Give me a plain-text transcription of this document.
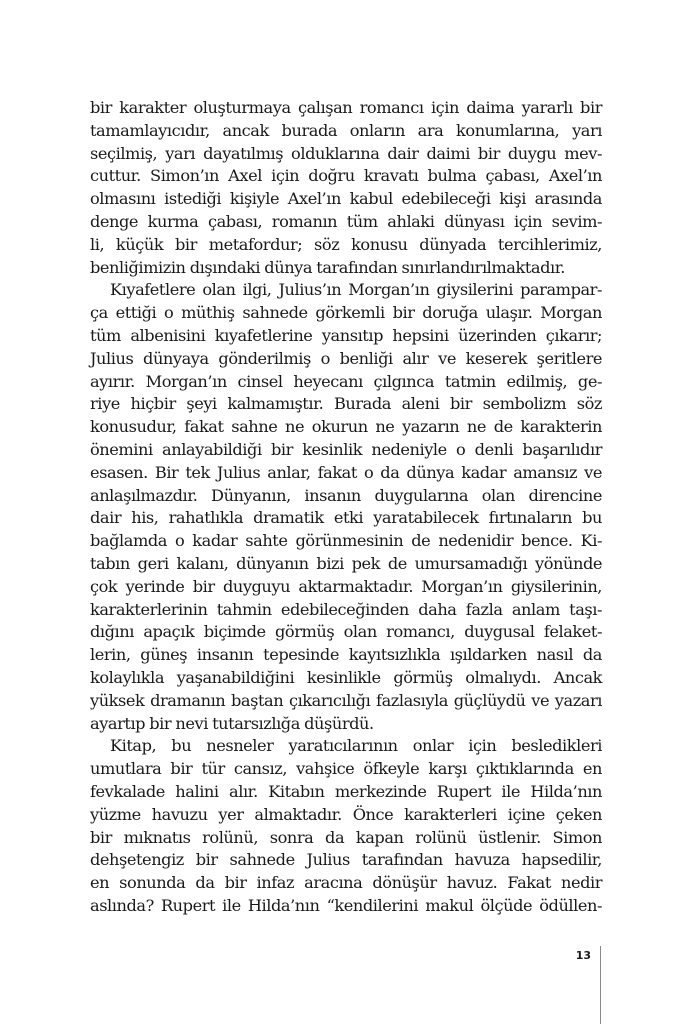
bir karakter oluşturmaya çalışan romancı için daima yararlı bir
tamamlayıcıdır, ancak burada onların ara konumlarına, yarı
seçilmiş, yarı dayatılmış olduklarına dair daimi bir duygu mev-
cuttur. Simon’ın Axel için doğru kravatı bulma çabası, Axel’ın
olmasını istediği kişiyle Axel’ın kabul edebileceği kişi arasında
denge kurma çabası, romanın tüm ahlaki dünyası için sevim-
li, küçük bir metafordur; söz konusu dünyada tercihlerimiz,
benliğimizin dışındaki dünya tarafından sınırlandırılmaktadır.
Kıyafetlere olan ilgi, Julius’ın Morgan’ın giysilerini parampar-
ça ettiği o müthiş sahnede görkemli bir doruğa ulaşır. Morgan
tüm albenisini kıyafetlerine yansıtıp hepsini üzerinden çıkarır;
Julius dünyaya gönderilmiş o benliği alır ve keserek şeritlere
ayırır. Morgan’ın cinsel heyecanı çılgınca tatmin edilmiş, ge-
riye hiçbir şeyi kalmamıştır. Burada aleni bir sembolizm söz
konusudur, fakat sahne ne okurun ne yazarın ne de karakterin
önemini anlayabildiği bir kesinlik nedeniyle o denli başarılıdır
esasen. Bir tek Julius anlar, fakat o da dünya kadar amansız ve
anlaşılmazdır. Dünyanın, insanın duygularına olan direncine
dair his, rahatlıkla dramatik etki yaratabilecek fırtınaların bu
bağlamda o kadar sahte görünmesinin de nedenidir bence. Ki-
tabın geri kalanı, dünyanın bizi pek de umursamadığı yönünde
çok yerinde bir duyguyu aktarmaktadır. Morgan’ın giysilerinin,
karakterlerinin tahmin edebileceğinden daha fazla anlam taşı-
dığını apaçık biçimde görmüş olan romancı, duygusal felaket-
lerin, güneş insanın tepesinde kayıtsızlıkla ışıldarken nasıl da
kolaylıkla yaşanabildiğini kesinlikle görmüş olmalıydı. Ancak
yüksek dramanın baştan çıkarıcılığı fazlasıyla güçlüydü ve yazarı
ayartıp bir nevi tutarsızlığa düşürdü.
Kitap, bu nesneler yaratıcılarının onlar için besledikleri
umutlara bir tür cansız, vahşice öfkeyle karşı çıktıklarında en
fevkalade halini alır. Kitabın merkezinde Rupert ile Hilda’nın
yüzme havuzu yer almaktadır. Önce karakterleri içine çeken
bir mıknatıs rolünü, sonra da kapan rolünü üstlenir. Simon
dehşetengiz bir sahnede Julius tarafından havuza hapsedilir,
en sonunda da bir infaz aracına dönüşür havuz. Fakat nedir
aslında? Rupert ile Hilda’nın “kendilerini makul ölçüde ödüllen-
13
